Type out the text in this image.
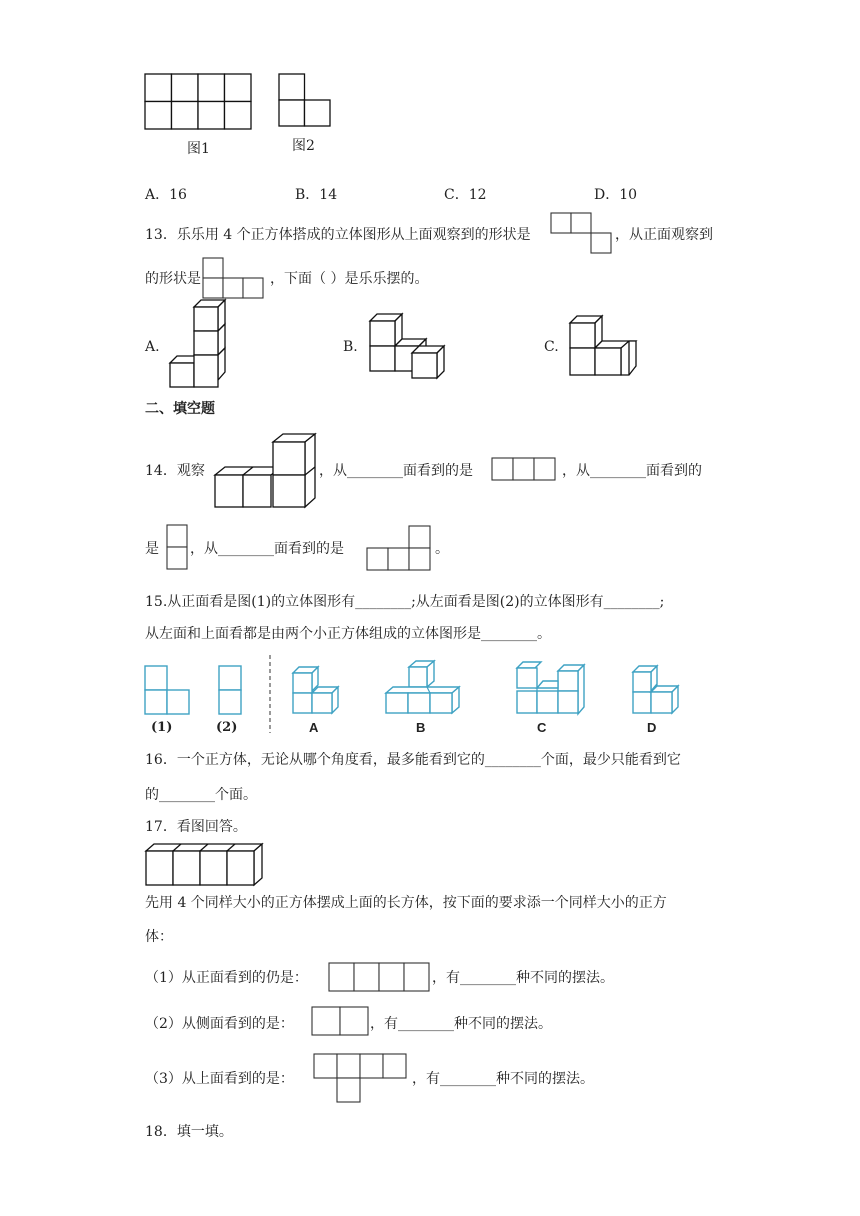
图1	图2
A．16	B．14	C．12	D．10
13．乐乐用 4 个正方体搭成的立体图形从上面观察到的形状是	，从正面观察到
的形状是	，下面（ ）是乐乐摆的。
A.	B.	C.
二、填空题
14．观察	，从________面看到的是	，从________面看到的
是 ，从________面看到的是	。
15.从正面看是图(1)的立体图形有________;从左面看是图(2)的立体图形有________;
从左面和上面看都是由两个小正方体组成的立体图形是________。
(1)	(2)	A	B	C	D
16．一个正方体，无论从哪个角度看，最多能看到它的________个面，最少只能看到它
的________个面。
17．看图回答。
先用 4 个同样大小的正方体摆成上面的长方体，按下面的要求添一个同样大小的正方
体：
（1）从正面看到的仍是：	，有________种不同的摆法。
（2）从侧面看到的是：	，有________种不同的摆法。
（3）从上面看到的是：	，有________种不同的摆法。
18．填一填。
